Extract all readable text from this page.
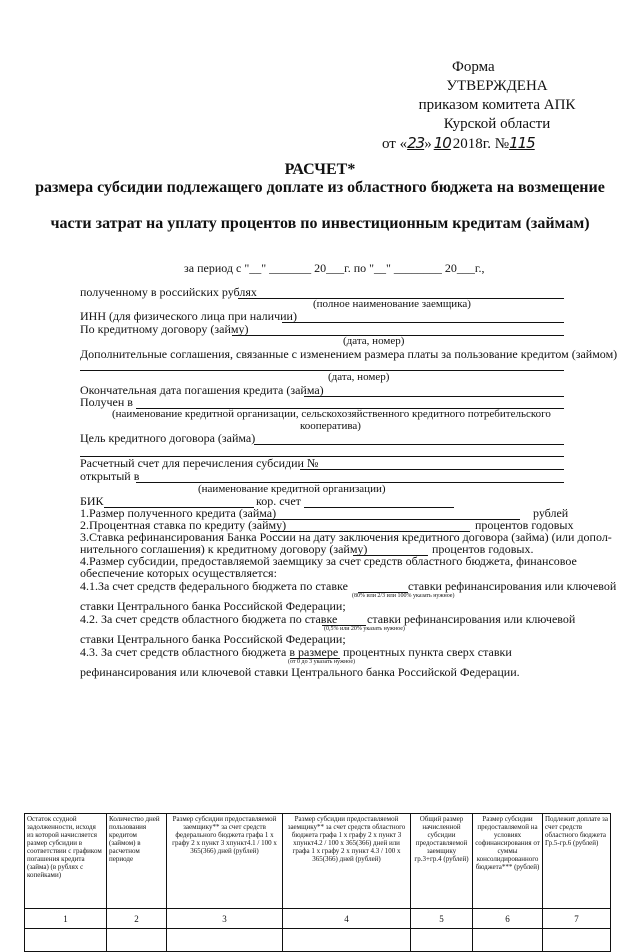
Форма
УТВЕРЖДЕНА
приказом комитета АПК
Курской области
от «23» 10 2018г. №115
РАСЧЕТ*
размера субсидии подлежащего доплате из областного бюджета на возмещение
части затрат на уплату процентов по инвестиционным кредитам (займам)
за период с "__" _______ 20___г. по "__" ________ 20___г.,
полученному в российских рублях
(полное наименование заемщика)
ИНН (для физического лица при наличии)
По кредитному договору (займу)
(дата, номер)
Дополнительные соглашения, связанные с изменением размера платы за пользование кредитом (займом)
(дата, номер)
Окончательная дата погашения кредита (займа)
Получен в
(наименование кредитной организации, сельскохозяйственного кредитного потребительского
кооператива)
Цель кредитного договора (займа)
Расчетный счет для перечисления субсидии №
открытый в
(наименование кредитной организации)
БИК	кор. счет
1.Размер полученного кредита (займа)	рублей
2.Процентная ставка по кредиту (займу)	процентов годовых
3.Ставка рефинансирования Банка России на дату заключения кредитного договора (займа) (или допол-
нительного соглашения) к кредитному договору (займу)	процентов годовых.
4.Размер субсидии, предоставляемой заемщику за счет средств областного бюджета, финансовое
обеспечение которых осуществляется:
4.1.За счет средств федерального бюджета по ставке	ставки рефинансирования или ключевой
(80% или 2/3 или 100% указать нужное)
ставки Центрального банка Российской Федерации;
4.2. За счет средств областного бюджета по ставке ставки рефинансирования или ключевой
(0,5% или 20% указать нужное)
ставки Центрального банка Российской Федерации;
4.3. За счет средств областного бюджета в размере процентных пункта сверх ставки
(от 0 до 3 указать нужное)
рефинансирования или ключевой ставки Центрального банка Российской Федерации.
Остаток ссудной задолженности, исходя из которой начисляется размер субсидии в соответствии с графиком погашения кредита (займа) (в рублях с копейками)	Количество дней пользования кредитом (займом) в расчетном периоде	Размер субсидии предоставляемой заемщику** за счет средств федерального бюджета графа 1 х графу 2 х пункт 3 хпункт4.1 / 100 х 365(366) дней (рублей)	Размер субсидии предоставляемой заемщику** за счет средств областного бюджета графа 1 х графу 2 х пункт 3 хпункт4.2 / 100 х 365(366) дней или графа 1 х графу 2 х пункт 4.3 / 100 х 365(366) дней (рублей)	Общий размер начисленной субсидии предоставляемой заемщику гр.3+гр.4 (рублей)	Размер субсидии предоставляемой на условиях софинансирования от суммы консолидированного бюджета*** (рублей)	Подлежит доплате за счет средств областного бюджета Гр.5-гр.6 (рублей)
1	2	3	4	5	6	7
